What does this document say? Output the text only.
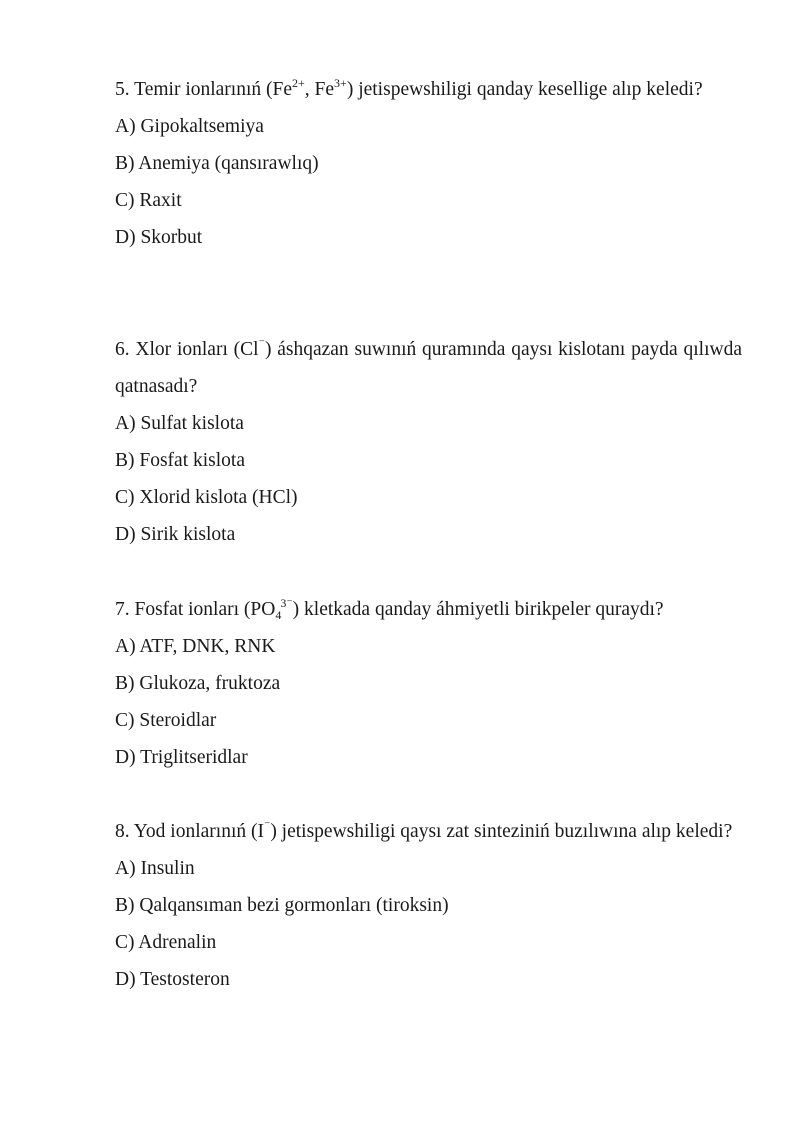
5. Temir ionlarınıń ($Fe^{2+}$, $Fe^{3+}$) jetispewshiligi qanday kesellige alıp keledi?

A) Gipokaltsemiya
B) Anemiya (qansırawlıq)
C) Raxit
D) Skorbut

6. Xlor ionları (Cl⁻) áshqazan suwınıń quramında qaysı kislotanı payda qılıwda qatnasadı?

A) Sulfat kislota
B) Fosfat kislota
C) Xlorid kislota (HCl)
D) Sirik kislota

7. Fosfat ionları $(PO_4^{3^-})$ kletkada qanday áhmiyetli birikpeler quraydı?

A) ATF, DNK, RNK
B) Glukoza, fruktoza
C) Steroidlar
D) Triglitseridlar

8. Yod ionlarınıń (I⁻) jetispewshiligi qaysı zat sinteziniń buzılıwına alıp keledi?

A) Insulin
B) Qalqansıman bezi gormonları (tiroksin)
C) Adrenalin
D) Testosteron
